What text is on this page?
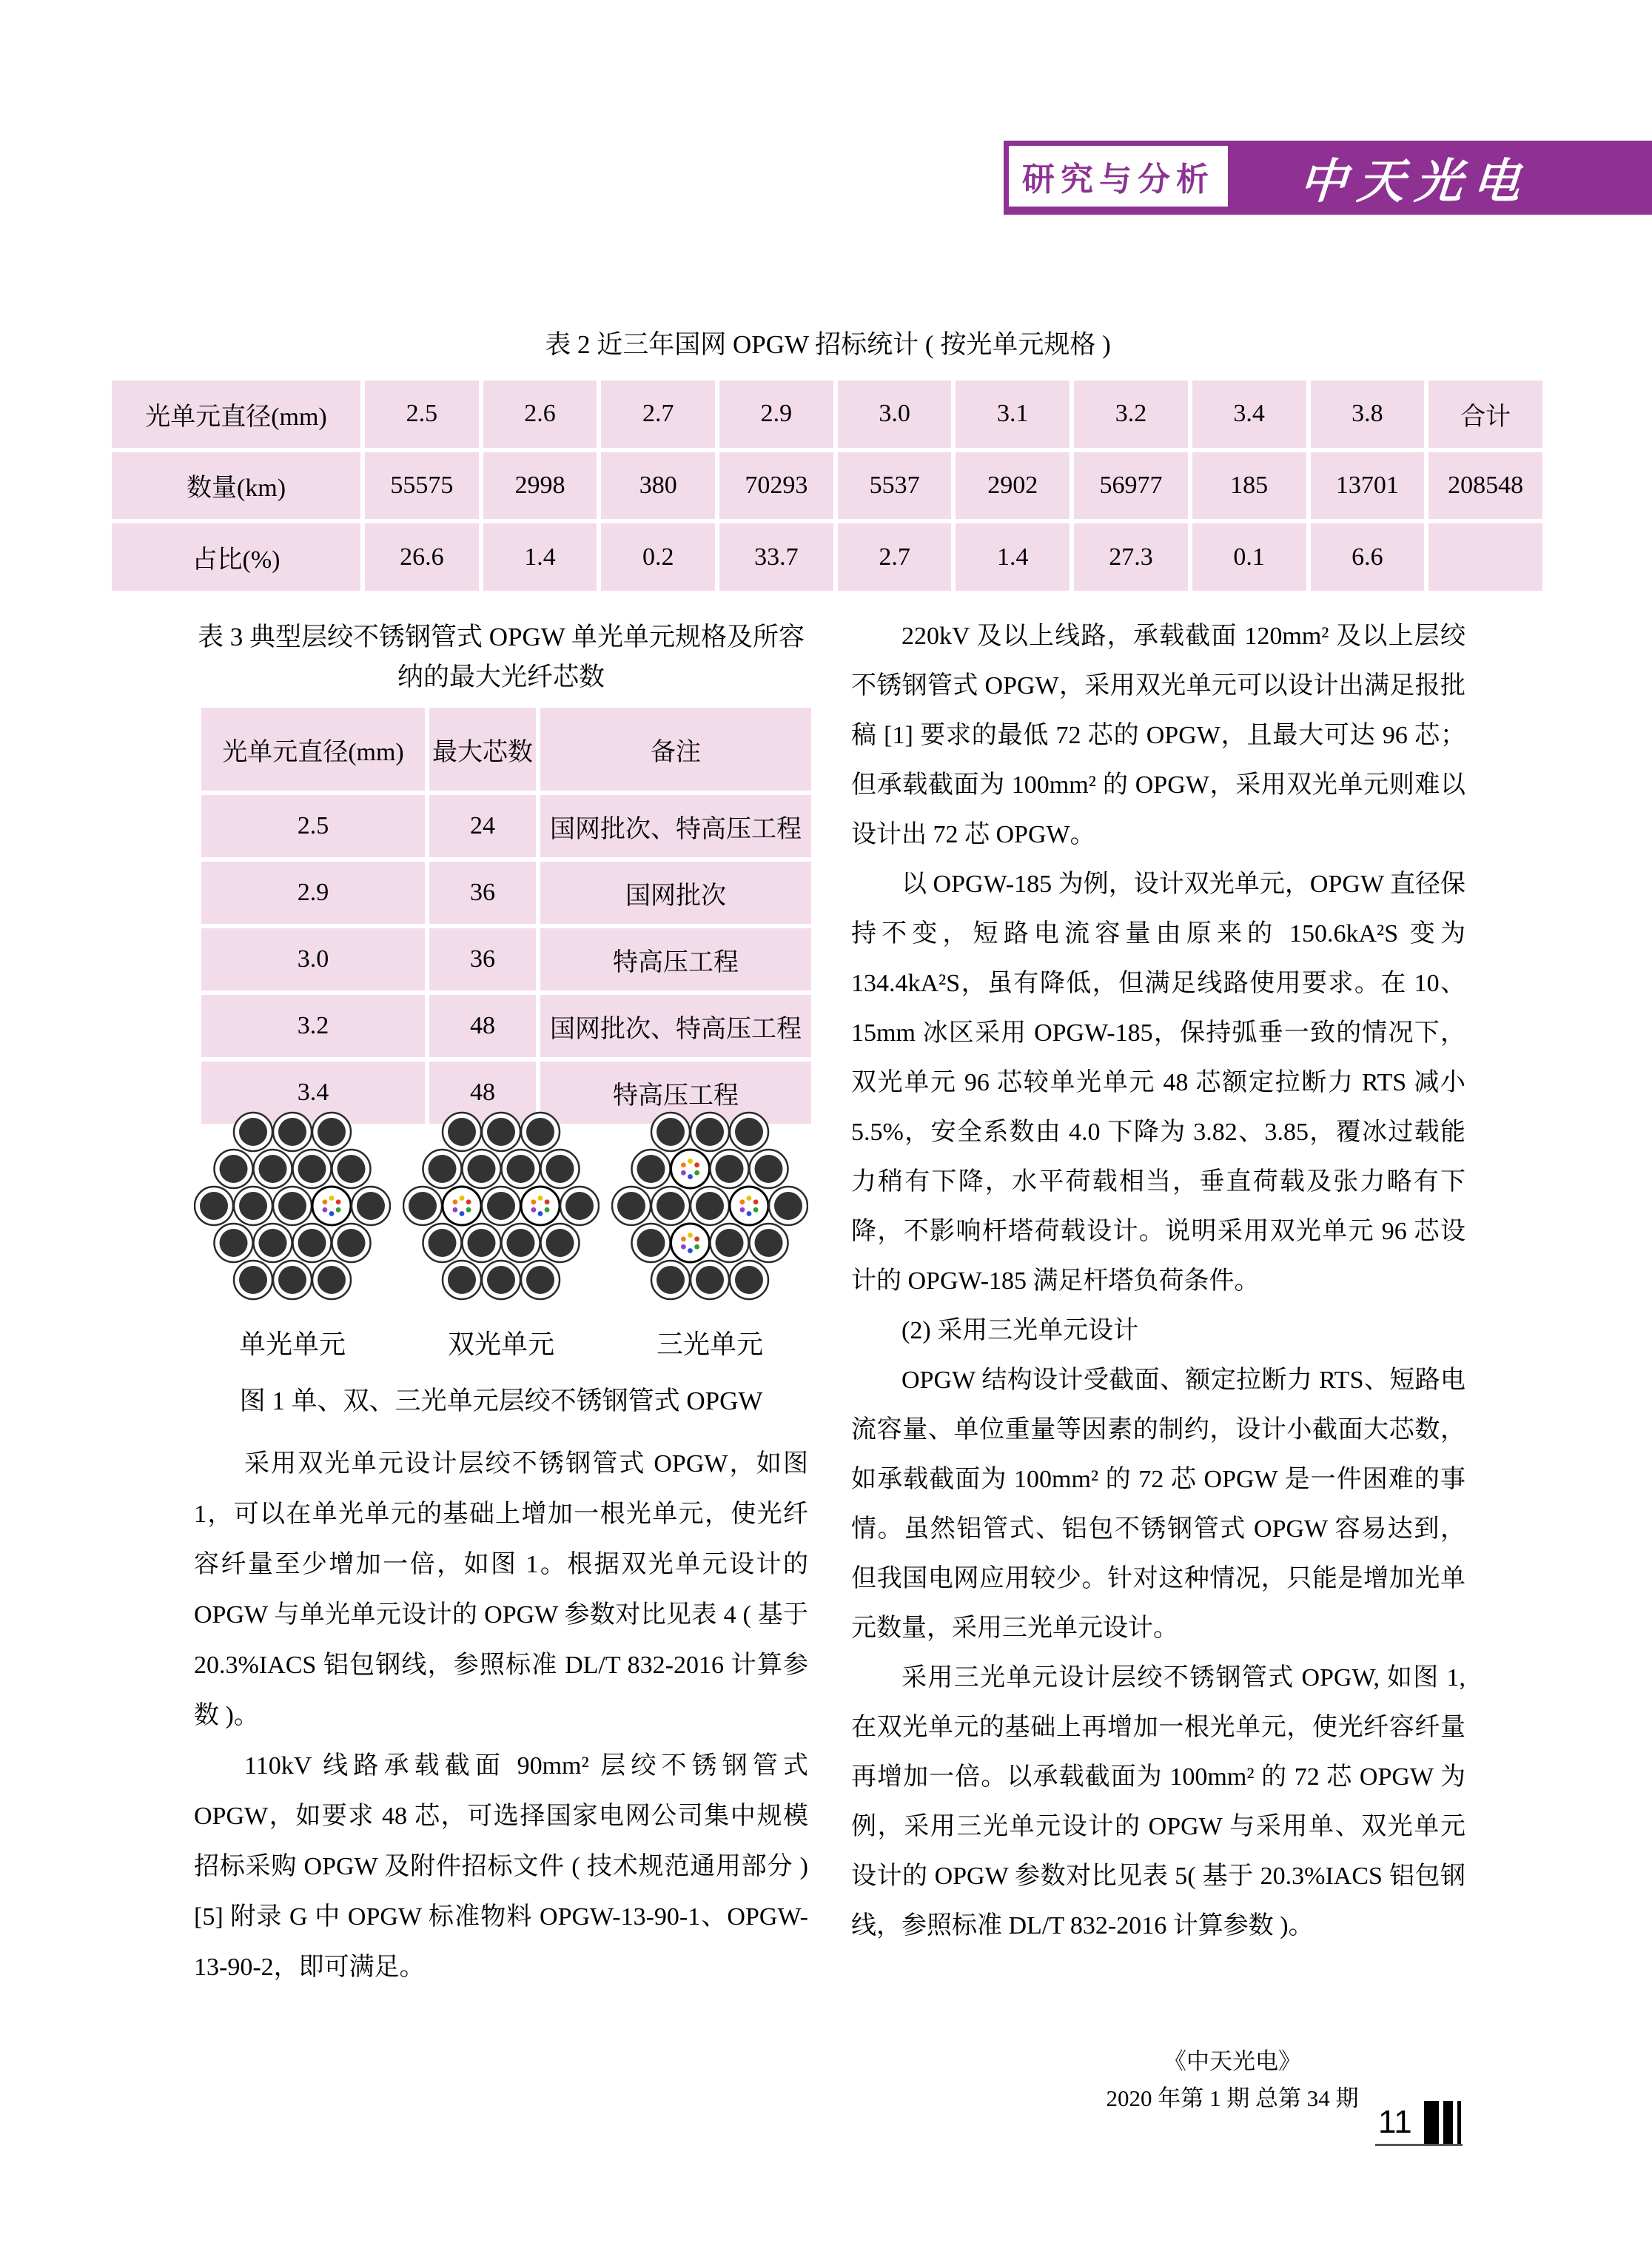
研究与分析 中天光电
表 2 近三年国网 OPGW 招标统计 ( 按光单元规格 )
光单元直径(mm)	2.5	2.6	2.7	2.9	3.0	3.1	3.2	3.4	3.8	合计
数量(km)	55575	2998	380	70293	5537	2902	56977	185	13701	208548
占比(%)	26.6	1.4	0.2	33.7	2.7	1.4	27.3	0.1	6.6	
表 3 典型层绞不锈钢管式 OPGW 单光单元规格及所容
纳的最大光纤芯数
光单元直径(mm)	最大芯数	备注
2.5	24	国网批次、特高压工程
2.9	36	国网批次
3.0	36	特高压工程
3.2	48	国网批次、特高压工程
3.4	48	特高压工程
单光单元	双光单元	三光单元
图 1 单、双、三光单元层绞不锈钢管式 OPGW

采用双光单元设计层绞不锈钢管式 OPGW，如图 1，可以在单光单元的基础上增加一根光单元，使光纤容纤量至少增加一倍，如图 1。根据双光单元设计的 OPGW 与单光单元设计的 OPGW 参数对比见表 4 ( 基于 20.3%IACS 铝包钢线，参照标准 DL/T 832-2016 计算参数 )。

110kV 线路承载截面 90mm² 层绞不锈钢管式 OPGW，如要求 48 芯，可选择国家电网公司集中规模招标采购 OPGW 及附件招标文件 ( 技术规范通用部分 )[5] 附录 G 中 OPGW 标准物料 OPGW-13-90-1、OPGW-13-90-2，即可满足。

220kV 及以上线路，承载截面 120mm² 及以上层绞不锈钢管式 OPGW，采用双光单元可以设计出满足报批稿 [1] 要求的最低 72 芯的 OPGW，且最大可达 96 芯；但承载截面为 100mm² 的 OPGW，采用双光单元则难以设计出 72 芯 OPGW。

以 OPGW-185 为例，设计双光单元，OPGW 直径保持不变，短路电流容量由原来的 150.6kA²S 变为 134.4kA²S，虽有降低，但满足线路使用要求。在 10、15mm 冰区采用 OPGW-185，保持弧垂一致的情况下，双光单元 96 芯较单光单元 48 芯额定拉断力 RTS 减小 5.5%，安全系数由 4.0 下降为 3.82、3.85，覆冰过载能力稍有下降，水平荷载相当，垂直荷载及张力略有下降，不影响杆塔荷载设计。说明采用双光单元 96 芯设计的 OPGW-185 满足杆塔负荷条件。

(2) 采用三光单元设计

OPGW 结构设计受截面、额定拉断力 RTS、短路电流容量、单位重量等因素的制约，设计小截面大芯数，如承载截面为 100mm² 的 72 芯 OPGW 是一件困难的事情。虽然铝管式、铝包不锈钢管式 OPGW 容易达到，但我国电网应用较少。针对这种情况，只能是增加光单元数量，采用三光单元设计。

采用三光单元设计层绞不锈钢管式 OPGW, 如图 1, 在双光单元的基础上再增加一根光单元，使光纤容纤量再增加一倍。以承载截面为 100mm² 的 72 芯 OPGW 为例，采用三光单元设计的 OPGW 与采用单、双光单元设计的 OPGW 参数对比见表 5( 基于 20.3%IACS 铝包钢线，参照标准 DL/T 832-2016 计算参数 )。

《中天光电》
2020 年第 1 期 总第 34 期
11
